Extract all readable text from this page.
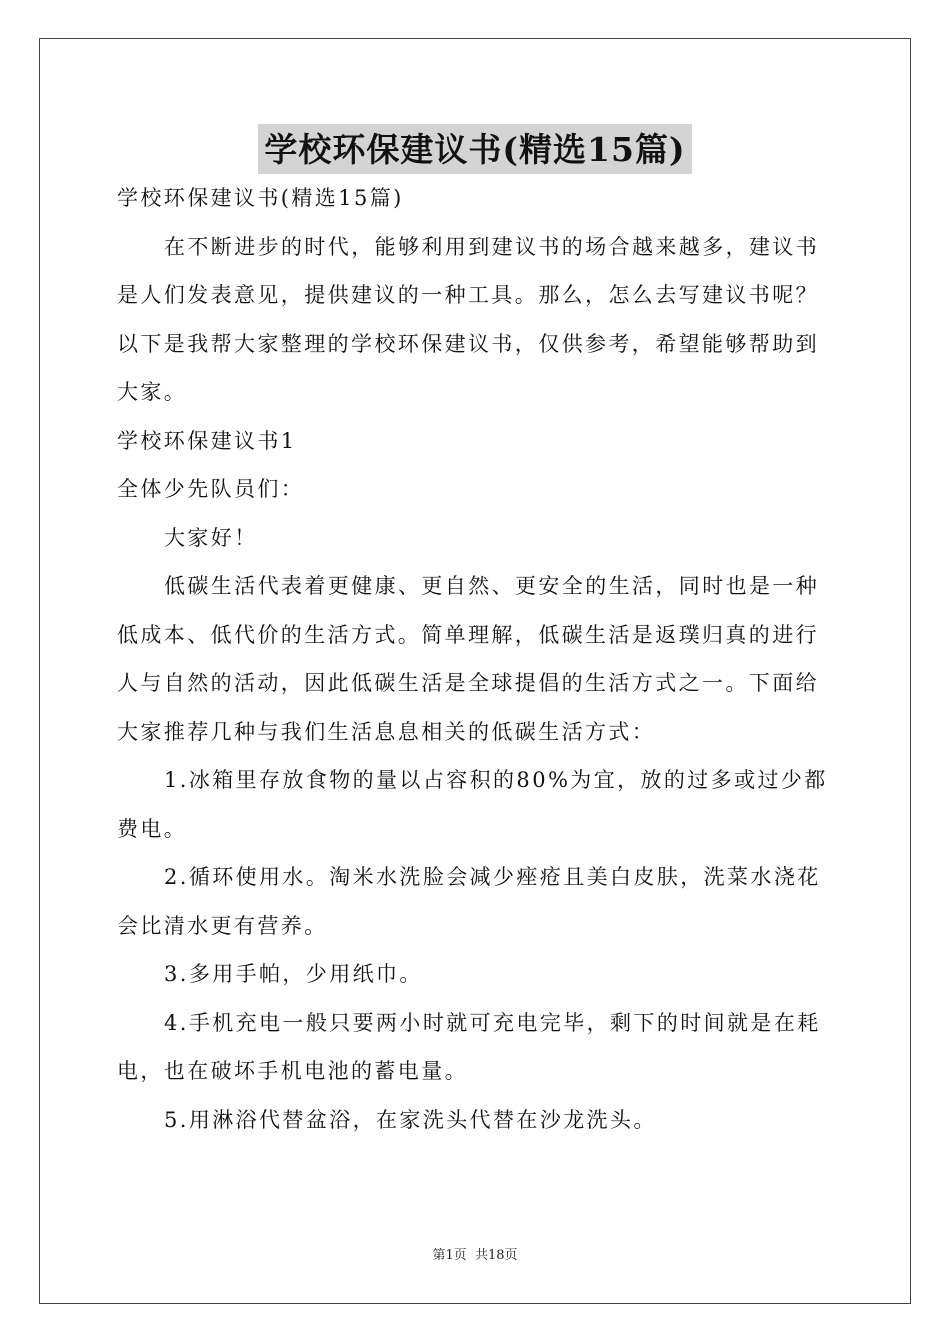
学校环保建议书(精选15篇)
学校环保建议书(精选15篇)
在不断进步的时代，能够利用到建议书的场合越来越多，建议书
是人们发表意见，提供建议的一种工具。那么，怎么去写建议书呢？
以下是我帮大家整理的学校环保建议书，仅供参考，希望能够帮助到
大家。
学校环保建议书1
全体少先队员们：
大家好！
低碳生活代表着更健康、更自然、更安全的生活，同时也是一种
低成本、低代价的生活方式。简单理解，低碳生活是返璞归真的进行
人与自然的活动，因此低碳生活是全球提倡的生活方式之一。下面给
大家推荐几种与我们生活息息相关的低碳生活方式：
1.冰箱里存放食物的量以占容积的80%为宜，放的过多或过少都
费电。
2.循环使用水。淘米水洗脸会减少痤疮且美白皮肤，洗菜水浇花
会比清水更有营养。
3.多用手帕，少用纸巾。
4.手机充电一般只要两小时就可充电完毕，剩下的时间就是在耗
电，也在破坏手机电池的蓄电量。
5.用淋浴代替盆浴，在家洗头代替在沙龙洗头。
第1页 共18页
